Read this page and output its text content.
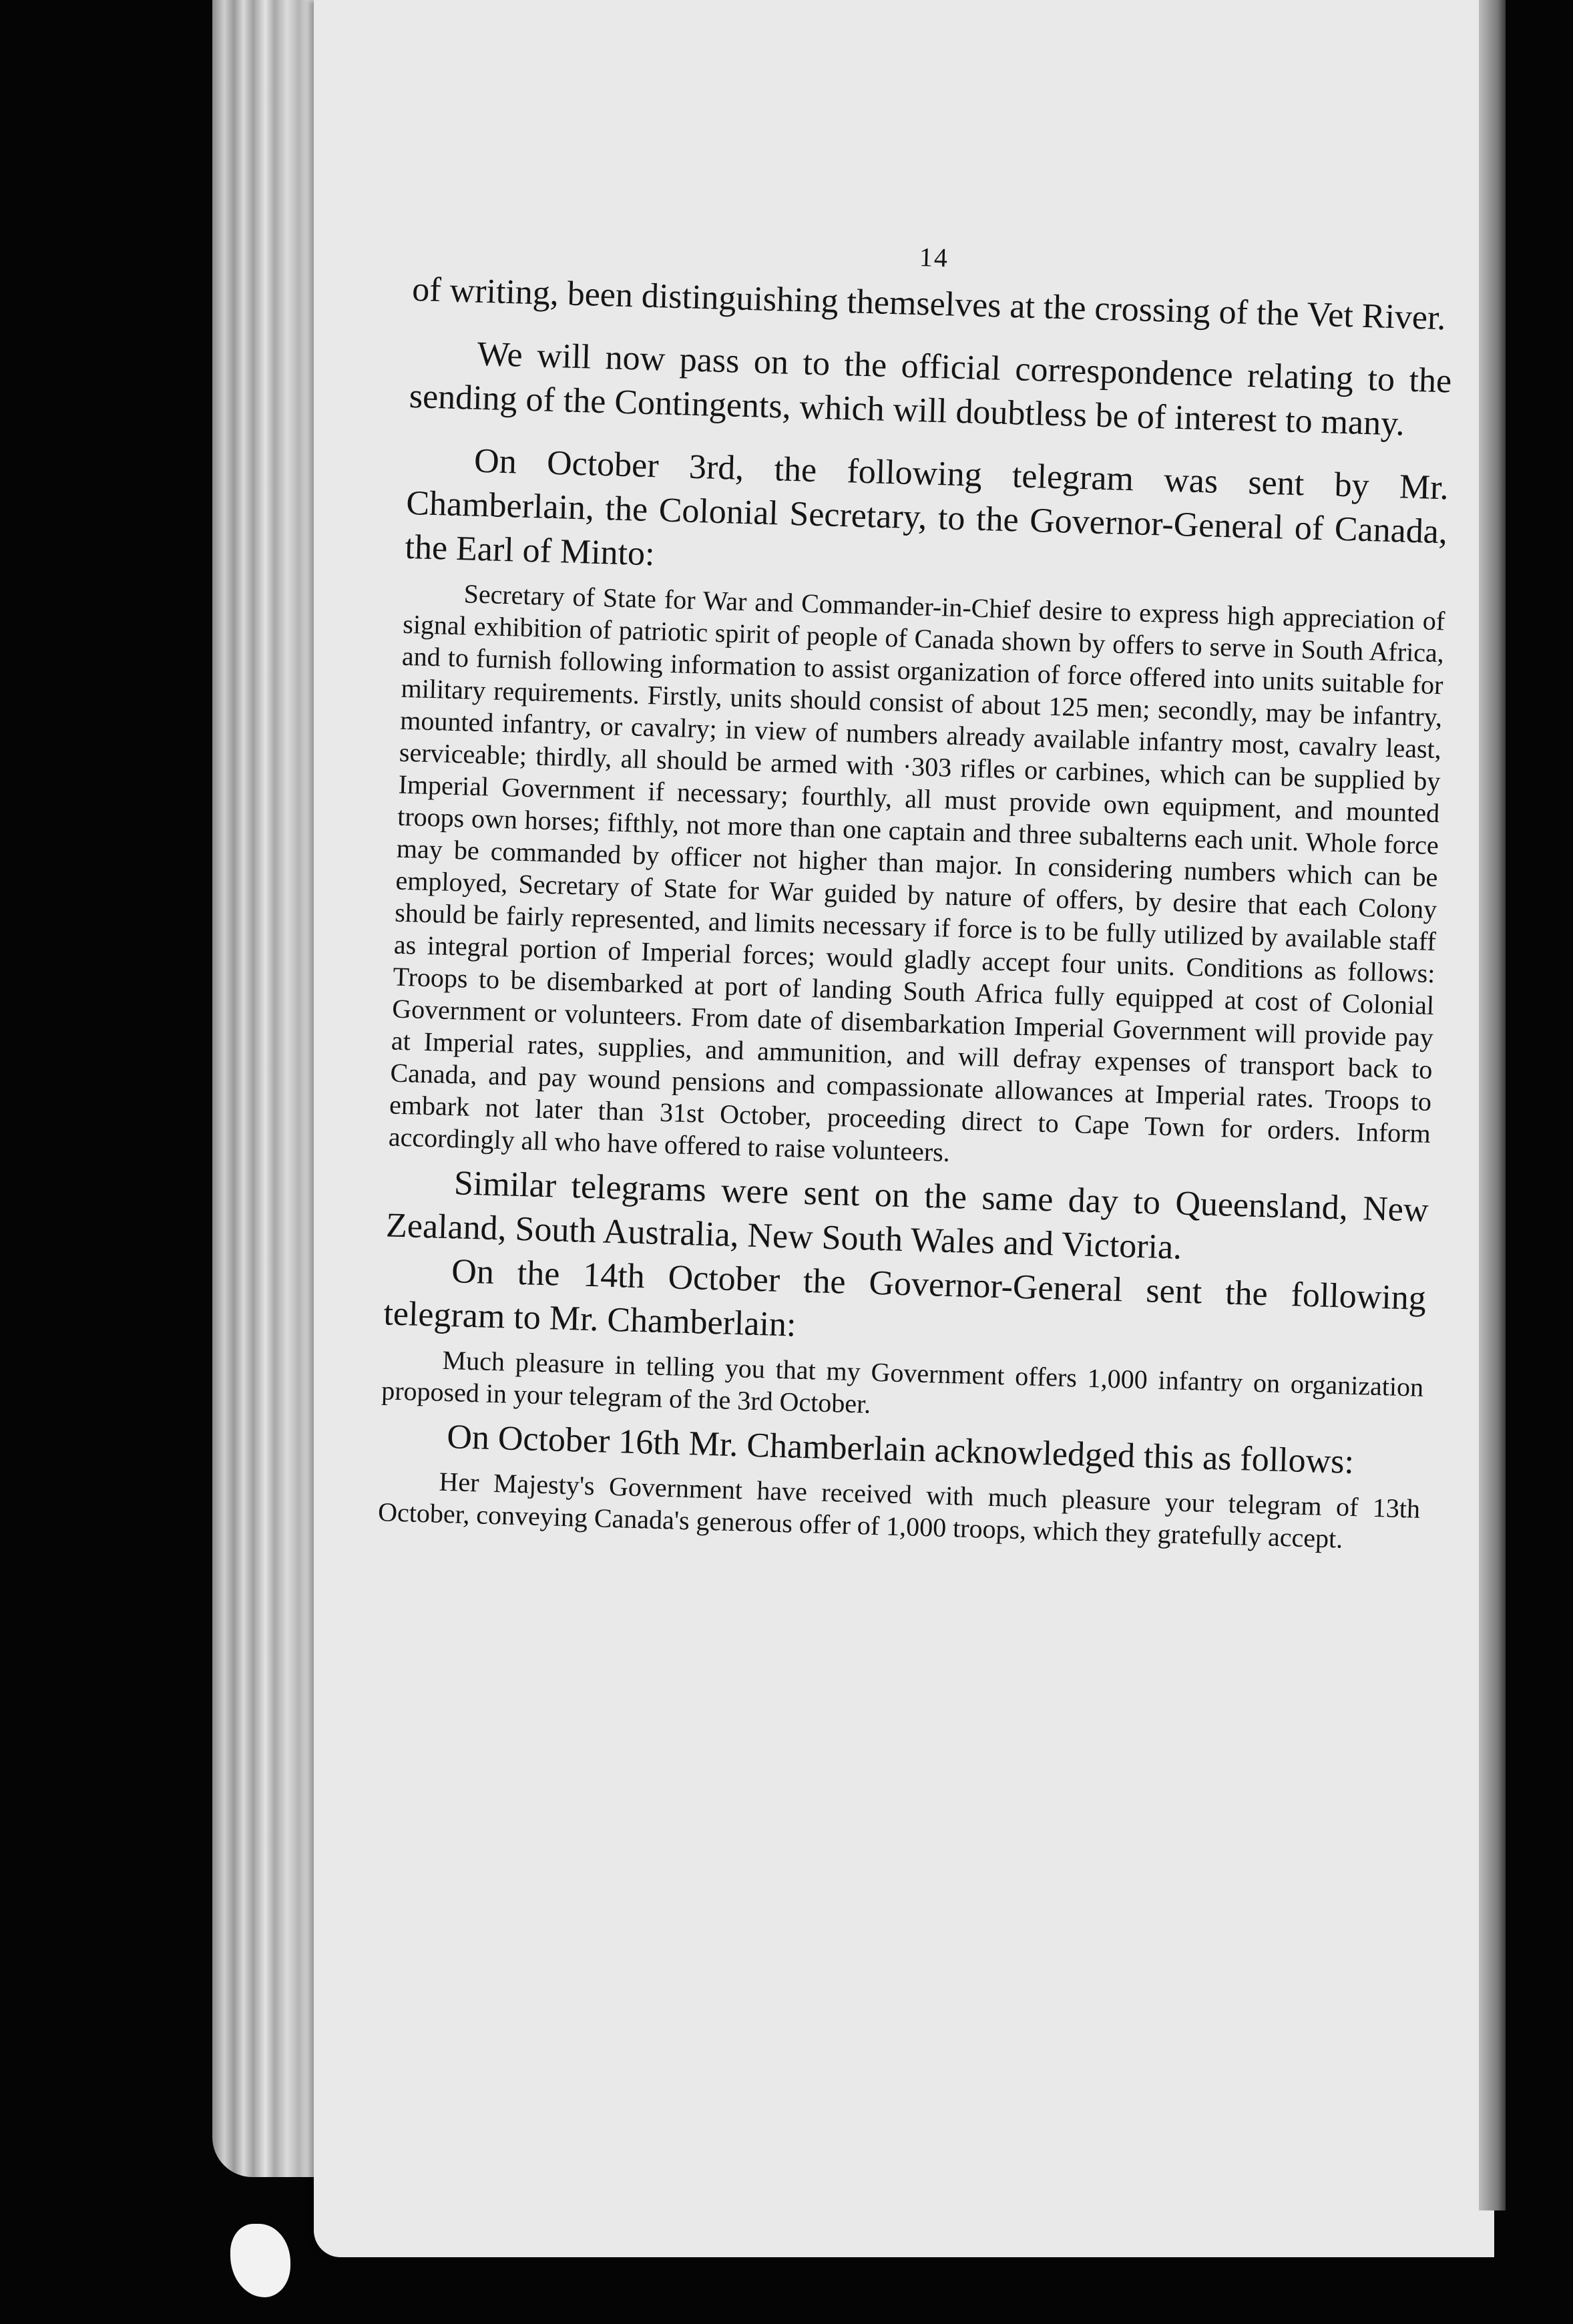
14

of writing, been distinguishing themselves at the crossing of the Vet River.

We will now pass on to the official correspondence relating to the sending of the Contingents, which will doubtless be of interest to many.

On October 3rd, the following telegram was sent by Mr. Chamberlain, the Colonial Secretary, to the Governor-General of Canada, the Earl of Minto:

Secretary of State for War and Commander-in-Chief desire to express high appreciation of signal exhibition of patriotic spirit of people of Canada shown by offers to serve in South Africa, and to furnish following information to assist organization of force offered into units suitable for military requirements. Firstly, units should consist of about 125 men; secondly, may be infantry, mounted infantry, or cavalry; in view of numbers already available infantry most, cavalry least, serviceable; thirdly, all should be armed with ·303 rifles or carbines, which can be supplied by Imperial Government if necessary; fourthly, all must provide own equipment, and mounted troops own horses; fifthly, not more than one captain and three subalterns each unit. Whole force may be commanded by officer not higher than major. In considering numbers which can be employed, Secretary of State for War guided by nature of offers, by desire that each Colony should be fairly represented, and limits necessary if force is to be fully utilized by available staff as integral portion of Imperial forces; would gladly accept four units. Conditions as follows: Troops to be disembarked at port of landing South Africa fully equipped at cost of Colonial Government or volunteers. From date of disembarkation Imperial Government will provide pay at Imperial rates, supplies, and ammunition, and will defray expenses of transport back to Canada, and pay wound pensions and compassionate allowances at Imperial rates. Troops to embark not later than 31st October, proceeding direct to Cape Town for orders. Inform accordingly all who have offered to raise volunteers.

Similar telegrams were sent on the same day to Queensland, New Zealand, South Australia, New South Wales and Victoria.

On the 14th October the Governor-General sent the following telegram to Mr. Chamberlain:

Much pleasure in telling you that my Government offers 1,000 infantry on organization proposed in your telegram of the 3rd October.

On October 16th Mr. Chamberlain acknowledged this as follows:

Her Majesty's Government have received with much pleasure your telegram of 13th October, conveying Canada's generous offer of 1,000 troops, which they gratefully accept.
